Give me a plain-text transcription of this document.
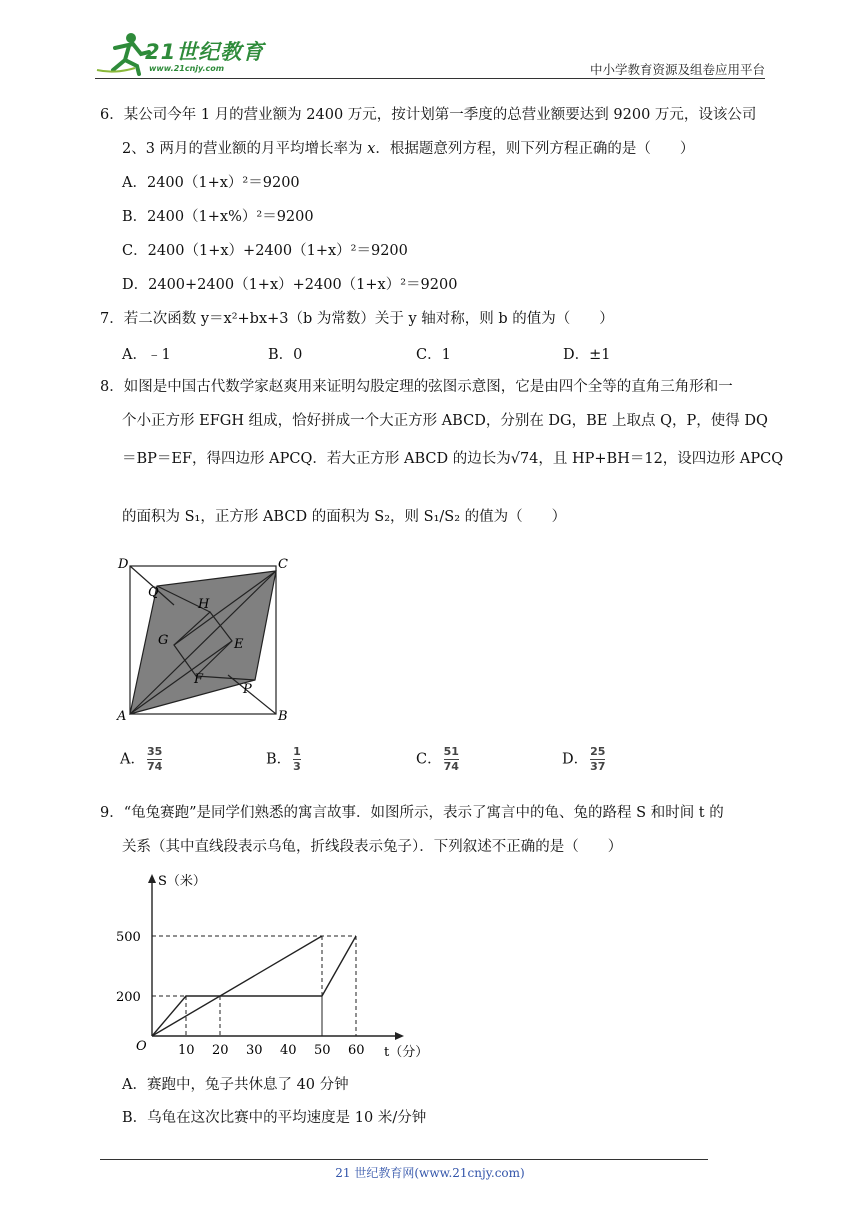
21世纪教育
www.21cnjy.com	中小学教育资源及组卷应用平台
6．某公司今年 1 月的营业额为 2400 万元，按计划第一季度的总营业额要达到 9200 万元，设该公司
2、3 两月的营业额的月平均增长率为 x．根据题意列方程，则下列方程正确的是（　　）
A．2400（1+x）²＝9200
B．2400（1+x%）²＝9200
C．2400（1+x）+2400（1+x）²＝9200
D．2400+2400（1+x）+2400（1+x）²＝9200
7．若二次函数 y＝x²+bx+3（b 为常数）关于 y 轴对称，则 b 的值为（　　）
A．﹣1	B．0	C．1	D．±1
8．如图是中国古代数学家赵爽用来证明勾股定理的弦图示意图，它是由四个全等的直角三角形和一
个小正方形 EFGH 组成，恰好拼成一个大正方形 ABCD，分别在 DG，BE 上取点 Q，P，使得 DQ
＝BP＝EF，得四边形 APCQ．若大正方形 ABCD 的边长为√74，且 HP+BH＝12，设四边形 APCQ
的面积为 S₁，正方形 ABCD 的面积为 S₂，则 S₁/S₂ 的值为（　　）
D	C
A	B
Q
H
G	E
F
P
A． $\frac{35}{74}$	B． $\frac{1}{3}$	C． $\frac{51}{74}$	D． $\frac{25}{37}$
9．“龟兔赛跑”是同学们熟悉的寓言故事．如图所示，表示了寓言中的龟、兔的路程 S 和时间 t 的
关系（其中直线段表示乌龟，折线段表示兔子）．下列叙述不正确的是（　　）
S（米）
t（分）
O 10 20 30 40 50 60
200
500
A．赛跑中，兔子共休息了 40 分钟
B．乌龟在这次比赛中的平均速度是 10 米/分钟
21 世纪教育网(www.21cnjy.com)
